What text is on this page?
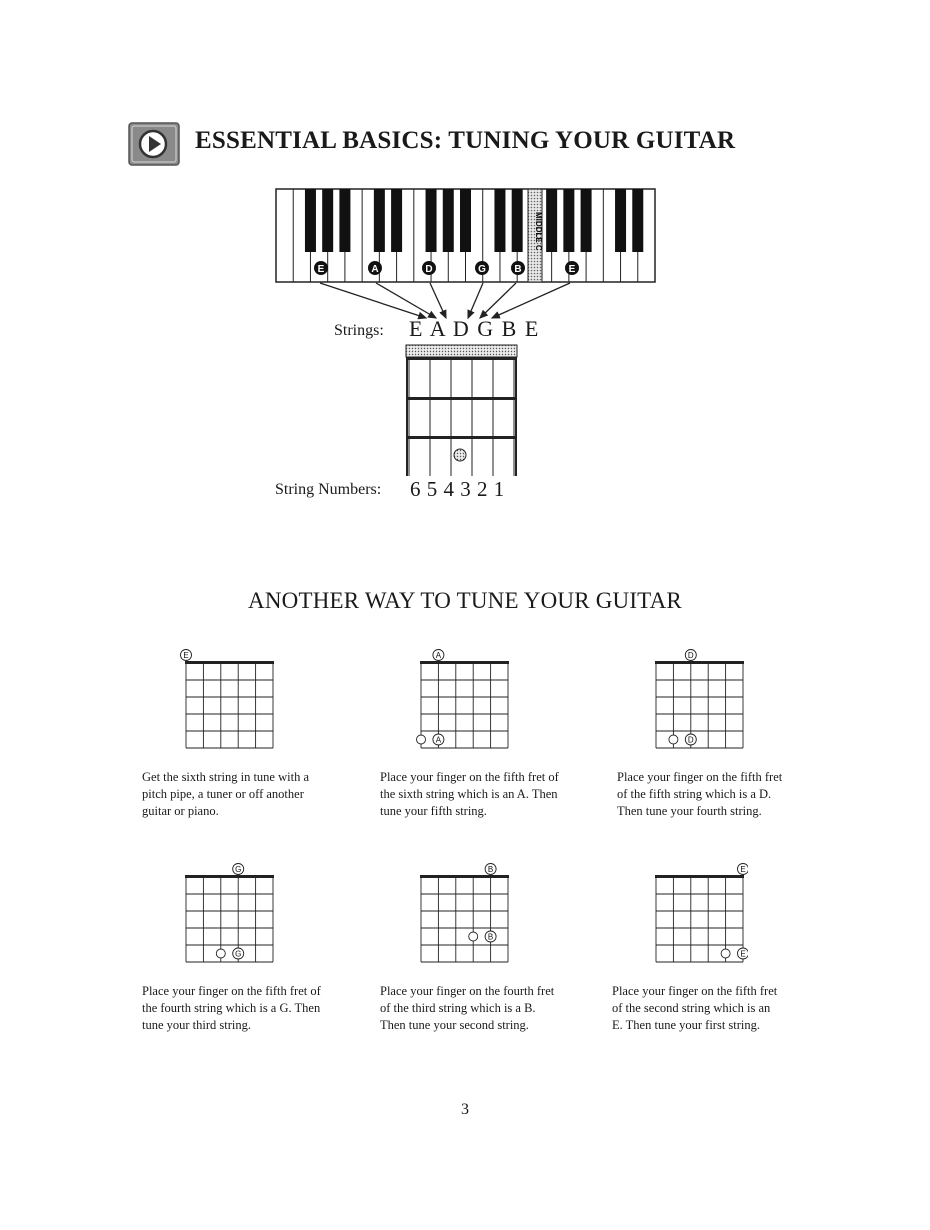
ESSENTIAL BASICS: TUNING YOUR GUITAR
MIDDLE C
E	A	D	G	B	E
Strings: E A D G B E
String Numbers: 6 5 4 3 2 1
ANOTHER WAY TO TUNE YOUR GUITAR
E	A
A
D
D
G
G
B
B
E
E

Get the sixth string in tune with a pitch pipe, a tuner or off another guitar or piano.

Place your finger on the fifth fret of the sixth string which is an A. Then tune your fifth string.

Place your finger on the fifth fret of the fifth string which is a D. Then tune your fourth string.

Place your finger on the fifth fret of the fourth string which is a G. Then tune your third string.

Place your finger on the fourth fret of the third string which is a B. Then tune your second string.

Place your finger on the fifth fret of the second string which is an E. Then tune your first string.

3
